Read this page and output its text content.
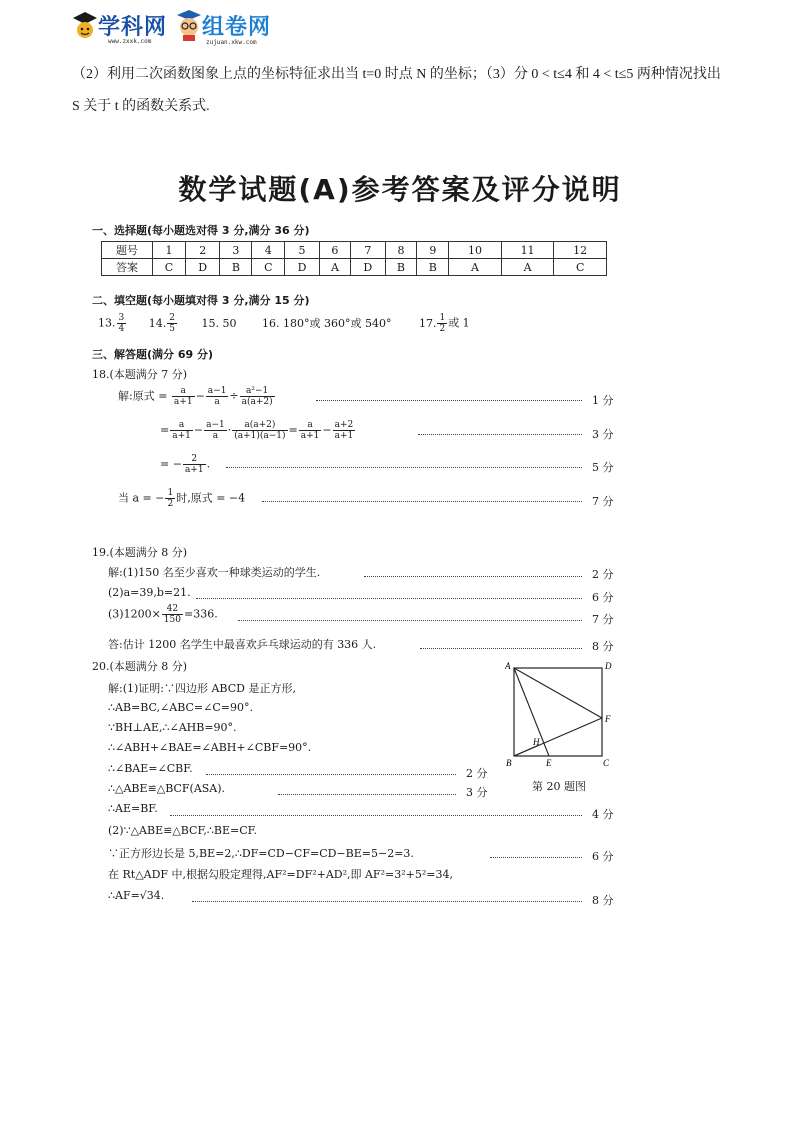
学科网
www.zxxk.com
组卷网
zujuan.xkw.com
（2）利用二次函数图象上点的坐标特征求出当 t=0 时点 N 的坐标；（3）分 0 < t≤4 和 4 < t≤5 两种情况找出
S 关于 t 的函数关系式.
数学试题(A)参考答案及评分说明
一、选择题(每小题选对得 3 分,满分 36 分)
题号	1	2	3	4	5	6	7	8	9	10	11	12
答案	C	D	B	C	D	A	D	B	B	A	A	C
二、填空题(每小题填对得 3 分,满分 15 分)
13. $\frac{3}{4} 14$. $\frac{2}{5} 15$. 50 16. 180°或 360°或 540°	17. $\frac{1}{2}$ 或 1
三、解答题(满分 69 分)
18.(本题满分 7 分)
解:原式 = $\frac{a}{a+1} - \frac{a-1}{a} \div \frac{\text{a²−1}}{a(a+2)}$	1 分
= $\frac{a}{a+1} - \frac{a-1}{a} \cdot \frac{a(a+2)}{(a+1)(a-1)} = \frac{a}{a+1} - \frac{a+2}{a+1}$	3 分
= − $\frac{2}{a+1}$ .	5 分
当 a = − $\frac{1}{2}$ 时,原式 = −4	7 分
19.(本题满分 8 分)
解:(1)150 名至少喜欢一种球类运动的学生.	2 分
(2)a=39,b=21.	6 分
$(3)1200\times \frac{42}{150} =336$.	7 分
答:估计 1200 名学生中最喜欢乒乓球运动的有 336 人.	8 分
20.(本题满分 8 分)
解:(1)证明:∵四边形 ABCD 是正方形,
∴AB=BC,∠ABC=∠C=90°.
∵BH⊥AE,∴∠AHB=90°.
∴∠ABH+∠BAE=∠ABH+∠CBF=90°.
∴∠BAE=∠CBF.	2 分
∴△ABE≌△BCF(ASA).	3 分
∴AE=BF.	4 分
(2)∵△ABE≌△BCF,∴BE=CF.
∵正方形边长是 5,BE=2,∴DF=CD−CF=CD−BE=5−2=3.	6 分
在 Rt△ADF 中,根据勾股定理得,AF²=DF²+AD²,即 AF²=3²+5²=34,
∴AF=√34.	8 分
A	D
F
B	E	C
H
第 20 题图
